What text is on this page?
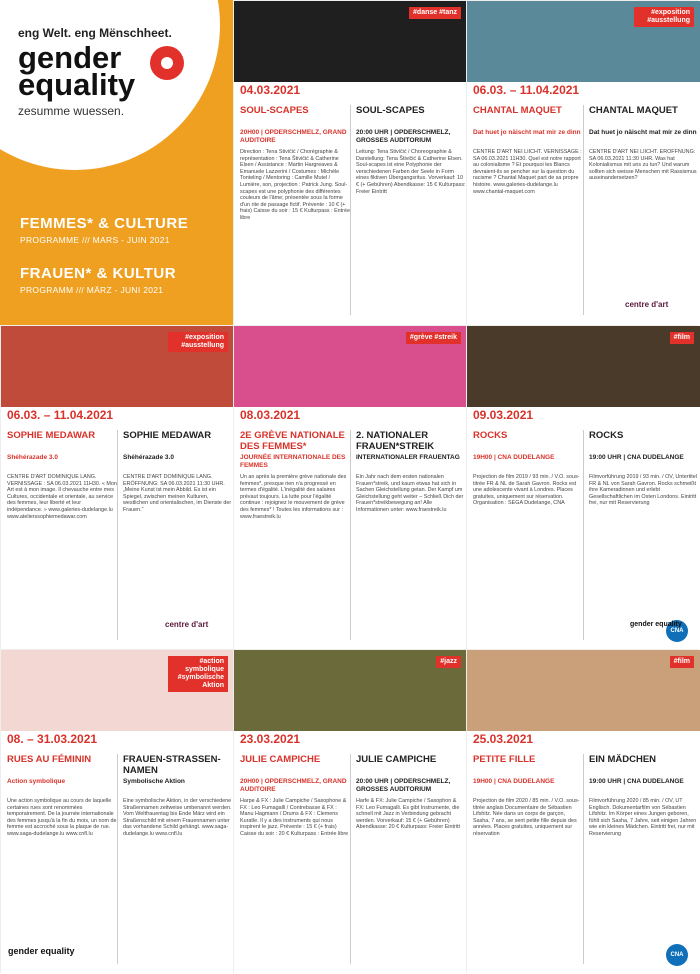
eng Welt. eng Mënschheet.
gender
equality
zesumme wuessen.
FEMMES* & CULTURE
PROGRAMME /// MARS - JUIN 2021
FRAUEN* & KULTUR
PROGRAMM /// MÄRZ - JUNI 2021
#danse #tanz
04.03.2021
SOUL-SCAPES
20H00 | OPDERSCHMELZ, GRAND AUDITOIRE
Direction : Tena Štivičić / Chorégraphie & représentation : Tena Štivičić & Catherine Elsen / Assistance : Martin Hargreaves & Emanuele Lazzerini / Costumes : Michèle Tonteling / Mentoring : Camille Mutel / Lumière, son, projection : Patrick Jung. Soul-scapes est une polyphonie des différentes couleurs de l'âme; présentée sous la forme d'un rite de passage fictif. Prévente : 10 € (+ frais) Caisse du soir : 15 € Kulturpass : Entrée libre
SOUL-SCAPES
20:00 UHR | OPDERSCHMELZ, GROSSES AUDITORIUM
Leitung: Tena Štivičić / Choreographie & Darstellung: Tena Štivičić & Catherine Elsen. Soul-scapes ist eine Polyphonie der verschiedenen Farben der Seele in Form eines fiktiven Übergangsritus. Vorverkauf: 10 € (+ Gebühren) Abendkasse: 15 € Kulturpass: Freier Eintritt
#exposition #ausstellung
06.03. – 11.04.2021
CHANTAL MAQUET
Dat huet jo näischt mat mir ze dinn
CENTRE D'ART NEI LIICHT. VERNISSAGE : SA 06.03.2021 11H30. Quel est notre rapport au colonialisme ? Et pourquoi les Blancs devraient-ils se pencher sur la question du racisme ? Chantal Maquet part de sa propre histoire. www.galeries-dudelange.lu www.chantal-maquet.com
CHANTAL MAQUET
Dat huet jo näischt mat mir ze dinn
CENTRE D'ART NEI LIICHT. ERÖFFNUNG: SA 06.03.2021 11:30 UHR. Was hat Kolonialismus mit uns zu tun? Und warum sollten sich weisse Menschen mit Rassismus auseinandersetzen?
#exposition #ausstellung
06.03. – 11.04.2021
SOPHIE MEDAWAR
Shéhérazade 3.0
CENTRE D'ART DOMINIQUE LANG. VERNISSAGE : SA 06.03.2021 11H30. « Mon Art est à mon image. Il chevauche entre mes Cultures, occidentale et orientale, au service des femmes, leur liberté et leur indépendance. » www.galeries-dudelange.lu www.atelierssophiemedawar.com
SOPHIE MEDAWAR
Shéhérazade 3.0
CENTRE D'ART DOMINIQUE LANG. ERÖFFNUNG: SA 06.03.2021 11:30 UHR. „Meine Kunst ist mein Abbild. Es ist ein Spiegel, zwischen meinen Kulturen, westlichen und orientalischen, im Dienste der Frauen.“
#grève #streik
08.03.2021
2E GRÈVE NATIONALE DES FEMMES*
JOURNÉE INTERNATIONALE DES FEMMES
Un an après la première grève nationale des femmes*, presque rien n'a progressé en termes d'égalité. L'inégalité des salaires prévaut toujours. La lutte pour l'égalité continue : rejoignez le mouvement de grève des femmes* ! Toutes les informations sur : www.fraestreik.lu
2. NATIONALER FRAUEN*STREIK
INTERNATIONALER FRAUENTAG
Ein Jahr nach dem ersten nationalen Frauen*streik, und kaum etwas hat sich in Sachen Gleichstellung getan. Der Kampf um Gleichstellung geht weiter – Schließ Dich der Frauen*streikbewegung an! Alle Informationen unter: www.fraestreik.lu
#film
09.03.2021
ROCKS
19H00 | CNA DUDELANGE
Projection de film 2019 / 93 min. / V.O. sous-titrée FR & NL de Sarah Gavron. Rocks est une adolescente vivant à Londres. Places gratuites, uniquement sur réservation. Organisation : SEGA Dudelange, CNA
ROCKS
19:00 UHR | CNA DUDELANGE
Filmvorführung 2019 / 93 min. / OV, Untertitel FR & NL von Sarah Gavron. Rocks schmeißt ihre Kameradinnen und erlebt Gesellschaftlichen im Osten Londons. Eintritt frei, nur mit Reservierung
#action symbolique #symbolische Aktion
08. – 31.03.2021
RUES AU FÉMININ
Action symbolique
Une action symbolique au cours de laquelle certaines rues sont renommées temporairement. De la journée internationale des femmes jusqu'à la fin du mois, un nom de femme est accroché sous la plaque de rue. www.saga-dudelange.lu www.cnfl.lu
FRAUEN-STRASSEN-NAMEN
Symbolische Aktion
Eine symbolische Aktion, in der verschiedene Straßennamen zeitweise umbenannt werden. Vom Weltfrauentag bis Ende März wird ein Straßenschild mit einem Frauennamen unter das vorhandene Schild gehängt. www.saga-dudelange.lu www.cnfl.lu
#jazz
23.03.2021
JULIE CAMPICHE
20H00 | OPDERSCHMELZ, GRAND AUDITOIRE
Harpe & FX : Julie Campiche / Saxophone & FX : Leo Fumagalli / Contrebasse & FX : Manu Hagmann / Drums & FX : Clemens Kuratle. Il y a des instruments qui nous inspirent le jazz. Prévente : 15 € (+ frais) Caisse du soir : 20 € Kulturpass : Entrée libre
JULIE CAMPICHE
20:00 UHR | OPDERSCHMELZ, GROSSES AUDITORIUM
Harfe & FX: Julie Campiche / Saxophon & FX: Leo Fumagalli. Es gibt Instrumente, die schnell mit Jazz in Verbindung gebracht werden. Vorverkauf: 15 € (+ Gebühren) Abendkasse: 20 € Kulturpass: Freier Eintritt
#film
25.03.2021
PETITE FILLE
19H00 | CNA DUDELANGE
Projection de film 2020 / 85 min. / V.O. sous-titrée anglais Documentaire de Sébastien Lifshitz. Née dans un corps de garçon, Sasha, 7 ans, se sent petite fille depuis des années. Places gratuites, uniquement sur réservation
EIN MÄDCHEN
19:00 UHR | CNA DUDELANGE
Filmvorführung 2020 / 85 min. / OV, UT Englisch. Dokumentarfilm von Sébastien Lifshitz. Im Körper eines Jungen geboren, fühlt sich Sasha, 7 Jahre, seit einigen Jahren wie ein kleines Mädchen. Eintritt frei, nur mit Reservierung
gender equality	CNA
CNA
centre d'art
centre d'art	gender equality
